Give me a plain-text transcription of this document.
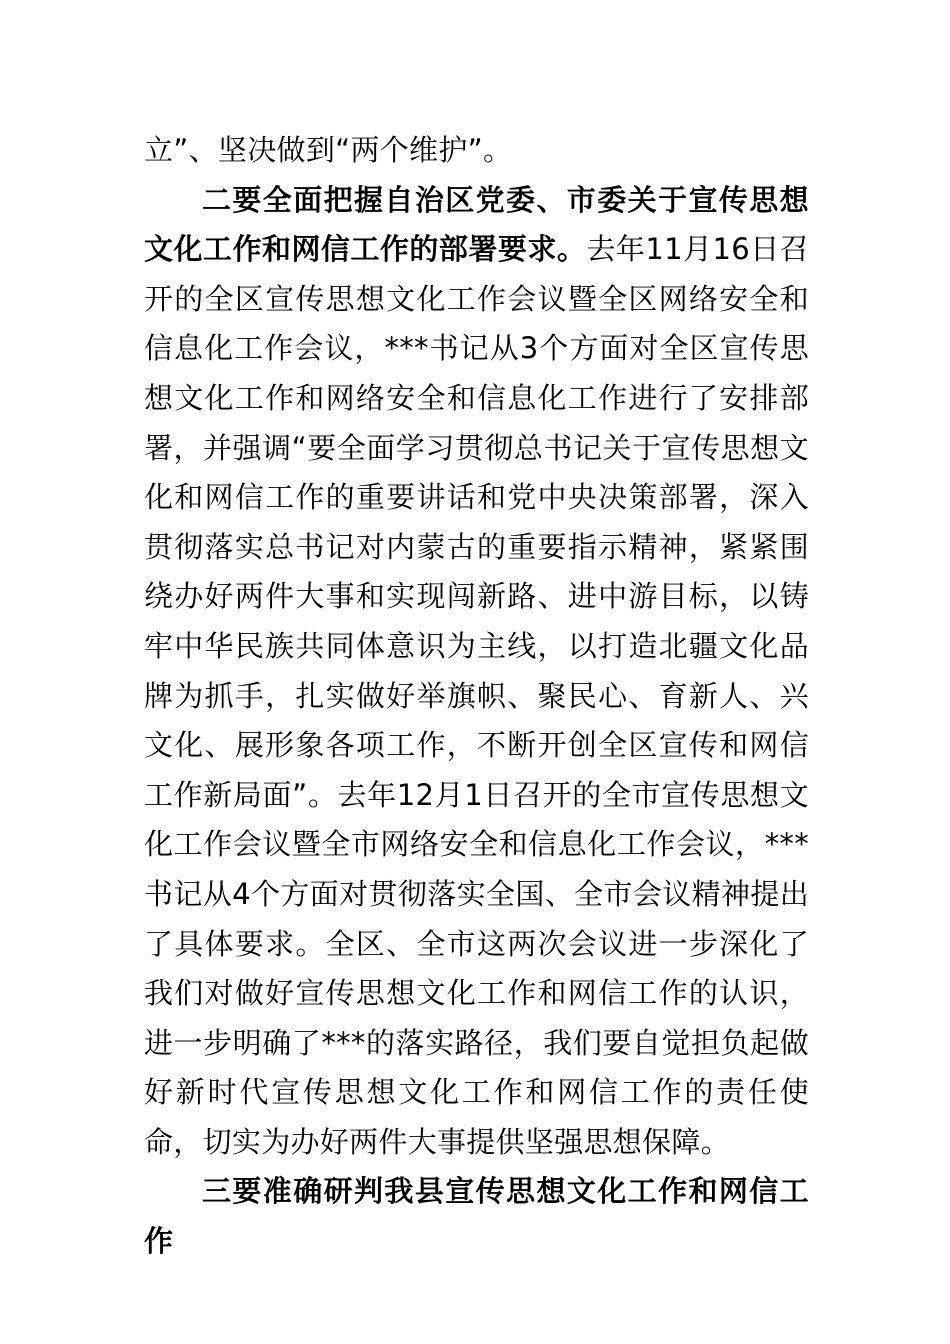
立”、坚决做到“两个维护”。

二要全面把握自治区党委、市委关于宣传思想文化工作和网信工作的部署要求。去年11月16日召开的全区宣传思想文化工作会议暨全区网络安全和信息化工作会议，***书记从3个方面对全区宣传思想文化工作和网络安全和信息化工作进行了安排部署，并强调“要全面学习贯彻总书记关于宣传思想文化和网信工作的重要讲话和党中央决策部署，深入贯彻落实总书记对内蒙古的重要指示精神，紧紧围绕办好两件大事和实现闯新路、进中游目标，以铸牢中华民族共同体意识为主线，以打造北疆文化品牌为抓手，扎实做好举旗帜、聚民心、育新人、兴文化、展形象各项工作，不断开创全区宣传和网信工作新局面”。去年12月1日召开的全市宣传思想文化工作会议暨全市网络安全和信息化工作会议，***书记从4个方面对贯彻落实全国、全市会议精神提出了具体要求。全区、全市这两次会议进一步深化了我们对做好宣传思想文化工作和网信工作的认识，进一步明确了***的落实路径，我们要自觉担负起做好新时代宣传思想文化工作和网信工作的责任使命，切实为办好两件大事提供坚强思想保障。

三要准确研判我县宣传思想文化工作和网信工作
